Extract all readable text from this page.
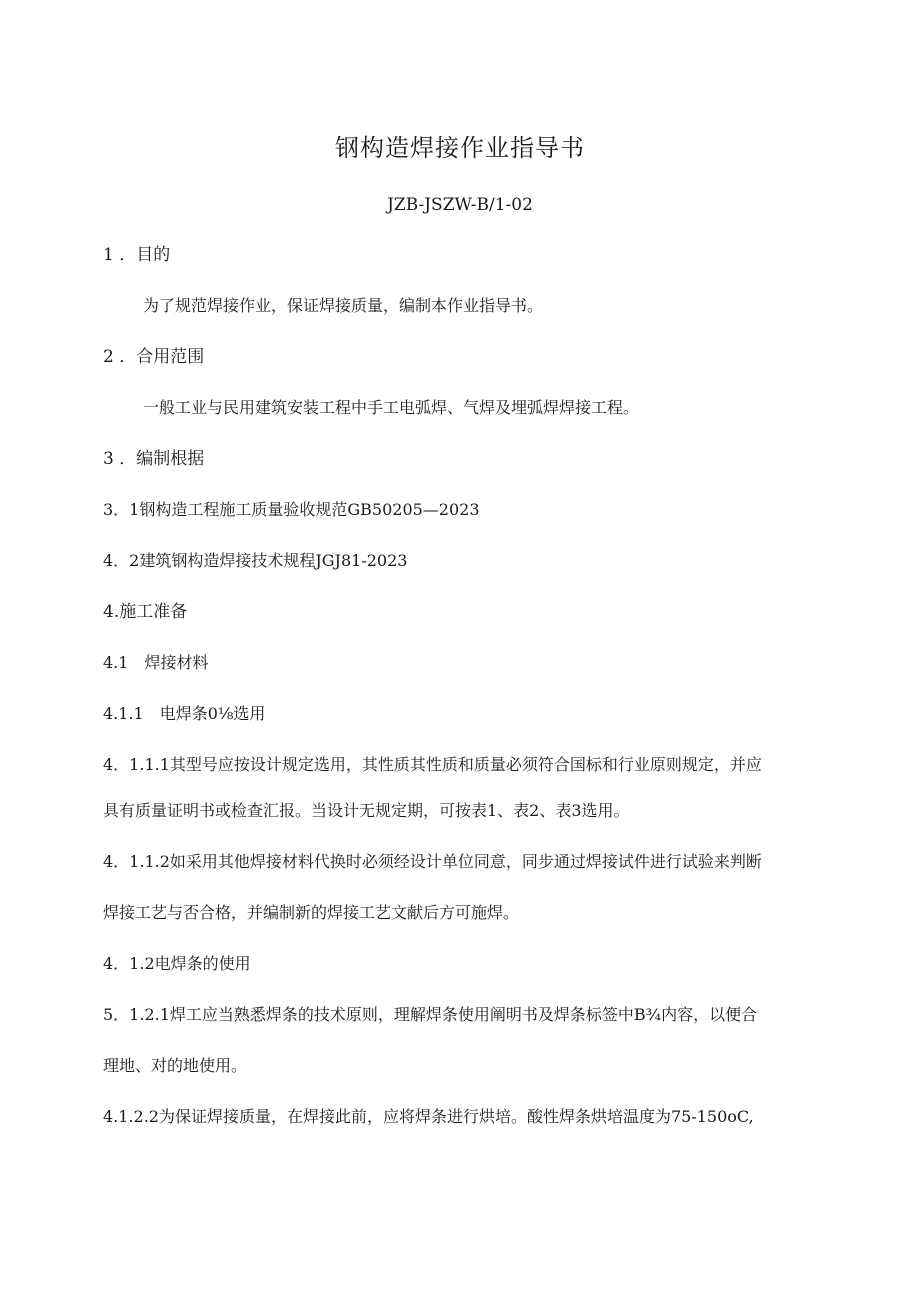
钢构造焊接作业指导书
JZB-JSZW-B/1-02
1 ．目的
为了规范焊接作业，保证焊接质量，编制本作业指导书。
2 ．合用范围
一般工业与民用建筑安装工程中手工电弧焊、气焊及埋弧焊焊接工程。
3 ．编制根据
3．1钢构造工程施工质量验收规范GB50205—2023
4．2建筑钢构造焊接技术规程JGJ81-2023
4.施工准备
4.1　焊接材料
4.1.1　电焊条0⅛选用
4．1.1.1其型号应按设计规定选用，其性质其性质和质量必须符合国标和行业原则规定，并应
具有质量证明书或检查汇报。当设计无规定期，可按表1、表2、表3选用。
4．1.1.2如采用其他焊接材料代换时必须经设计单位同意，同步通过焊接试件进行试验来判断
焊接工艺与否合格，并编制新的焊接工艺文献后方可施焊。
4．1.2电焊条的使用
5．1.2.1焊工应当熟悉焊条的技术原则，理解焊条使用阐明书及焊条标签中B¾内容，以便合
理地、对的地使用。
4.1.2.2为保证焊接质量，在焊接此前，应将焊条进行烘培。酸性焊条烘培温度为75-150oC,
